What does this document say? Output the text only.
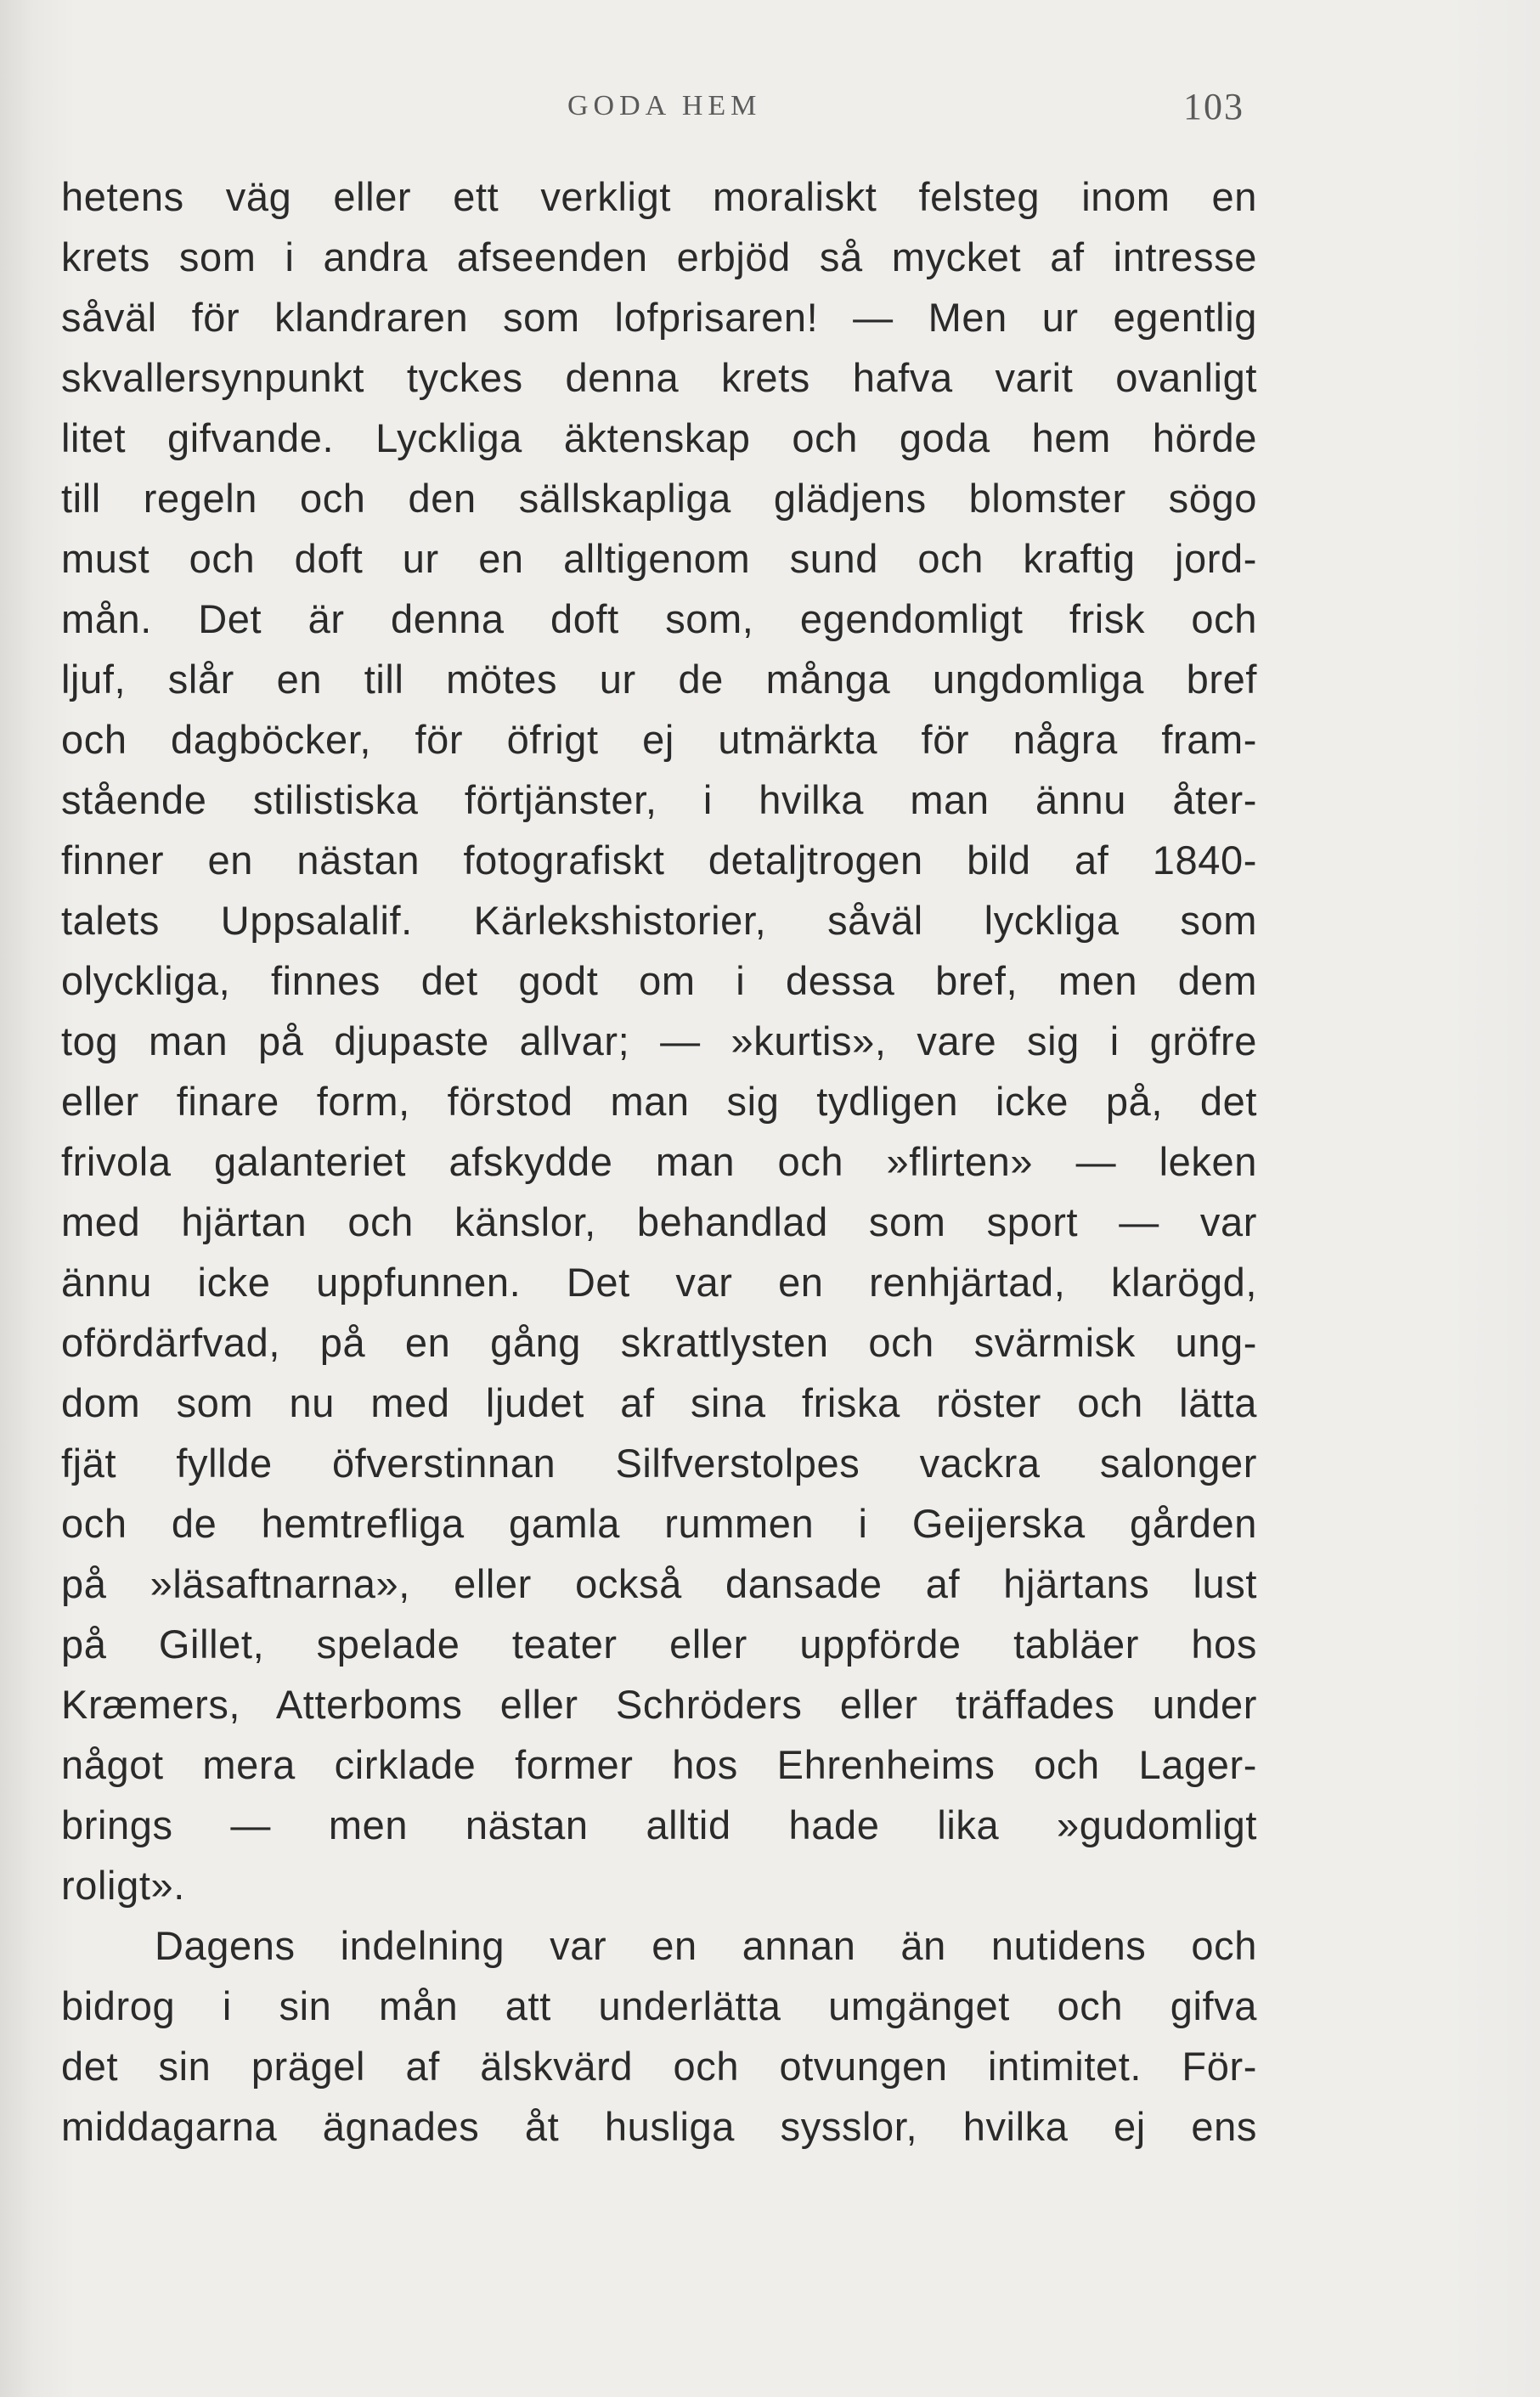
GODA HEM	103
hetens väg eller ett verkligt moraliskt felsteg inom en
krets som i andra afseenden erbjöd så mycket af intresse
såväl för klandraren som lofprisaren! — Men ur egentlig
skvallersynpunkt tyckes denna krets hafva varit ovanligt
litet gifvande. Lyckliga äktenskap och goda hem hörde
till regeln och den sällskapliga glädjens blomster sögo
must och doft ur en alltigenom sund och kraftig jord-
mån. Det är denna doft som, egendomligt frisk och
ljuf, slår en till mötes ur de många ungdomliga bref
och dagböcker, för öfrigt ej utmärkta för några fram-
stående stilistiska förtjänster, i hvilka man ännu åter-
finner en nästan fotografiskt detaljtrogen bild af 1840-
talets Uppsalalif. Kärlekshistorier, såväl lyckliga som
olyckliga, finnes det godt om i dessa bref, men dem
tog man på djupaste allvar; — »kurtis», vare sig i gröfre
eller finare form, förstod man sig tydligen icke på, det
frivola galanteriet afskydde man och »flirten» — leken
med hjärtan och känslor, behandlad som sport — var
ännu icke uppfunnen. Det var en renhjärtad, klarögd,
ofördärfvad, på en gång skrattlysten och svärmisk ung-
dom som nu med ljudet af sina friska röster och lätta
fjät fyllde öfverstinnan Silfverstolpes vackra salonger
och de hemtrefliga gamla rummen i Geijerska gården
på »läsaftnarna», eller också dansade af hjärtans lust
på Gillet, spelade teater eller uppförde tabläer hos
Kræmers, Atterboms eller Schröders eller träffades under
något mera cirklade former hos Ehrenheims och Lager-
brings — men nästan alltid hade lika »gudomligt
roligt».
Dagens indelning var en annan än nutidens och
bidrog i sin mån att underlätta umgänget och gifva
det sin prägel af älskvärd och otvungen intimitet. För-
middagarna ägnades åt husliga sysslor, hvilka ej ens
